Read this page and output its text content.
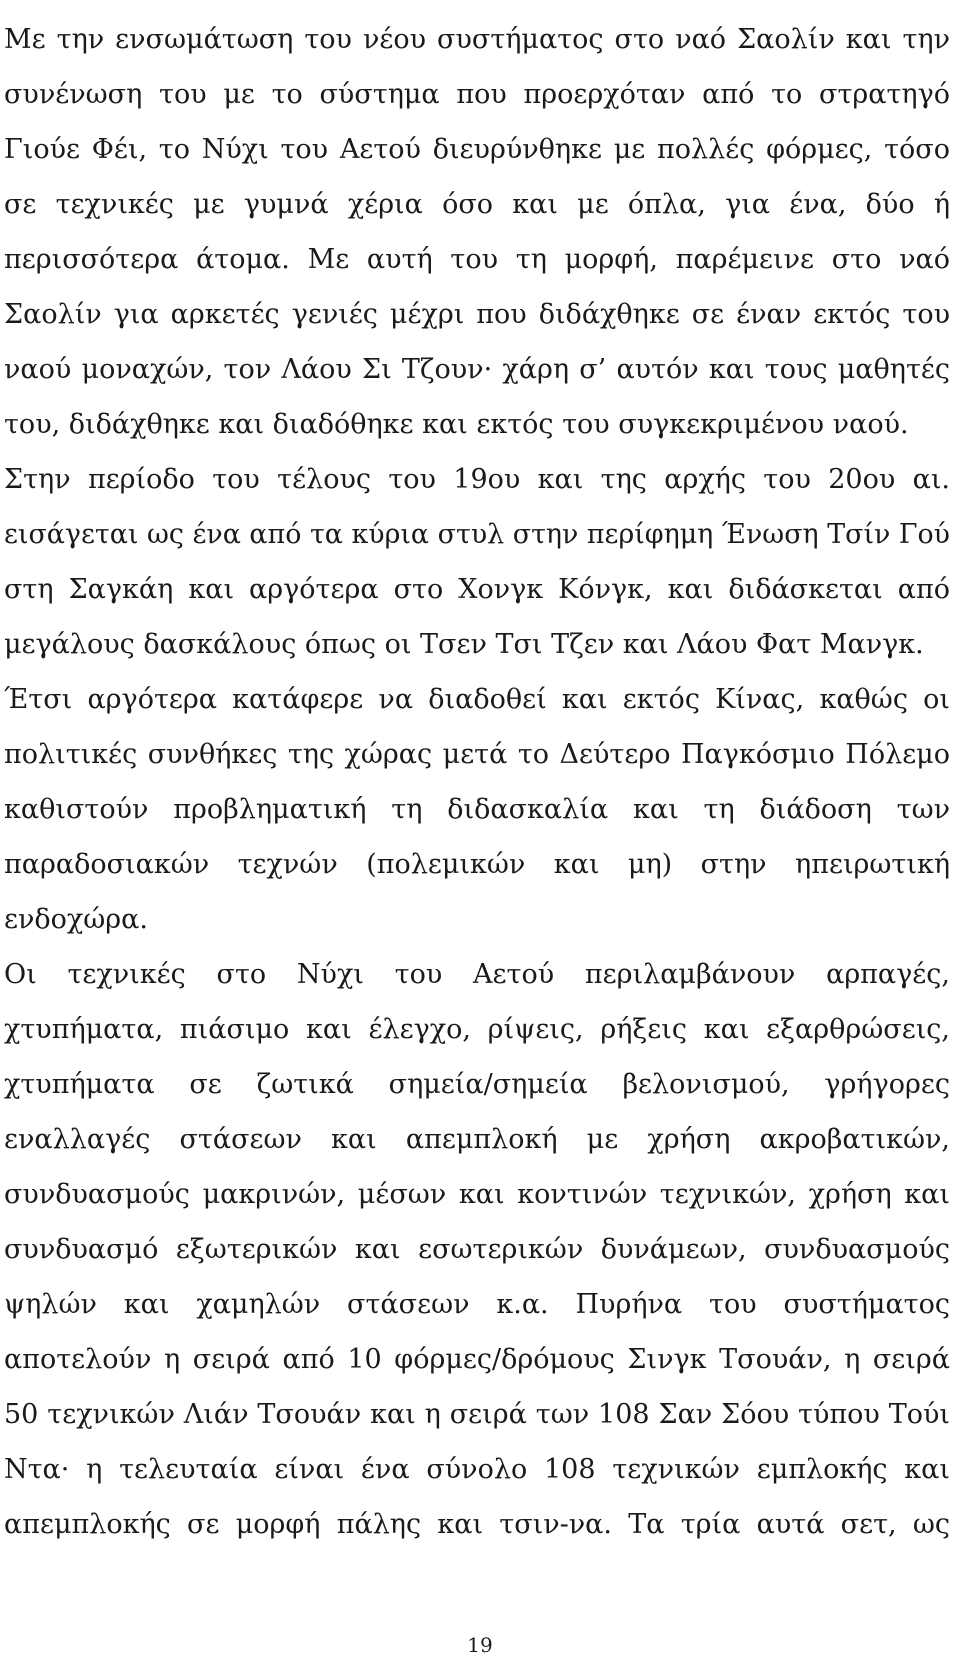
Με την ενσωμάτωση του νέου συστήματος στο ναό Σαολίν και την
συνένωση του με το σύστημα που προερχόταν από το στρατηγό
Γιούε Φέι, το Νύχι του Αετού διευρύνθηκε με πολλές φόρμες, τόσο
σε τεχνικές με γυμνά χέρια όσο και με όπλα, για ένα, δύο ή
περισσότερα άτομα. Με αυτή του τη μορφή, παρέμεινε στο ναό
Σαολίν για αρκετές γενιές μέχρι που διδάχθηκε σε έναν εκτός του
ναού μοναχών, τον Λάου Σι Τζουν· χάρη σ’ αυτόν και τους μαθητές
του, διδάχθηκε και διαδόθηκε και εκτός του συγκεκριμένου ναού.
Στην περίοδο του τέλους του 19ου και της αρχής του 20ου αι.
εισάγεται ως ένα από τα κύρια στυλ στην περίφημη Ένωση Τσίν Γού
στη Σαγκάη και αργότερα στο Χονγκ Κόνγκ, και διδάσκεται από
μεγάλους δασκάλους όπως οι Τσεν Τσι Τζεν και Λάου Φατ Μανγκ.
Έτσι αργότερα κατάφερε να διαδοθεί και εκτός Κίνας, καθώς οι
πολιτικές συνθήκες της χώρας μετά το Δεύτερο Παγκόσμιο Πόλεμο
καθιστούν προβληματική τη διδασκαλία και τη διάδοση των
παραδοσιακών τεχνών (πολεμικών και μη) στην ηπειρωτική
ενδοχώρα.
Οι τεχνικές στο Νύχι του Αετού περιλαμβάνουν αρπαγές,
χτυπήματα, πιάσιμο και έλεγχο, ρίψεις, ρήξεις και εξαρθρώσεις,
χτυπήματα σε ζωτικά σημεία/σημεία βελονισμού, γρήγορες
εναλλαγές στάσεων και απεμπλοκή με χρήση ακροβατικών,
συνδυασμούς μακρινών, μέσων και κοντινών τεχνικών, χρήση και
συνδυασμό εξωτερικών και εσωτερικών δυνάμεων, συνδυασμούς
ψηλών και χαμηλών στάσεων κ.α. Πυρήνα του συστήματος
αποτελούν η σειρά από 10 φόρμες/δρόμους Σινγκ Τσουάν, η σειρά
50 τεχνικών Λιάν Τσουάν και η σειρά των 108 Σαν Σόου τύπου Τούι
Ντα· η τελευταία είναι ένα σύνολο 108 τεχνικών εμπλοκής και
απεμπλοκής σε μορφή πάλης και τσιν-να. Τα τρία αυτά σετ, ως
19
